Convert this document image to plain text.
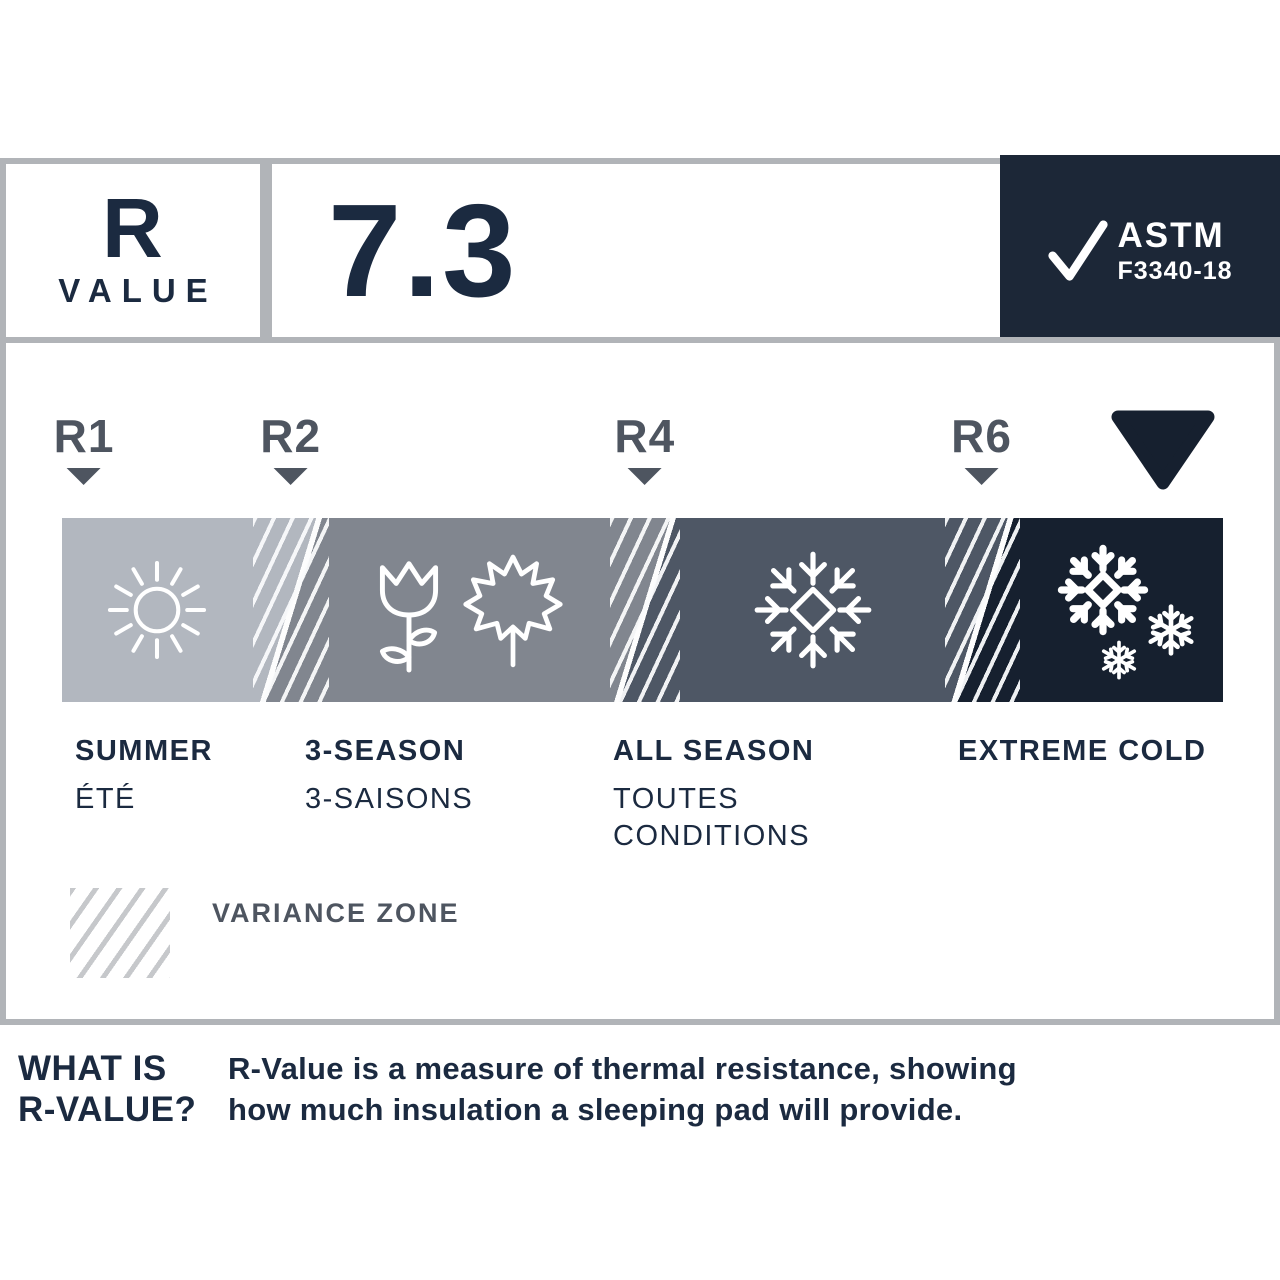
R
VALUE 7.3	ASTM
F3340-18
R1	R2	R4	R6
SUMMER
ÉTÉ
3-SEASON
3-SAISONS
ALL SEASON
TOUTES
CONDITIONS
EXTREME COLD
VARIANCE ZONE
WHAT IS
R-VALUE?
R-Value is a measure of thermal resistance, showing
how much insulation a sleeping pad will provide.
